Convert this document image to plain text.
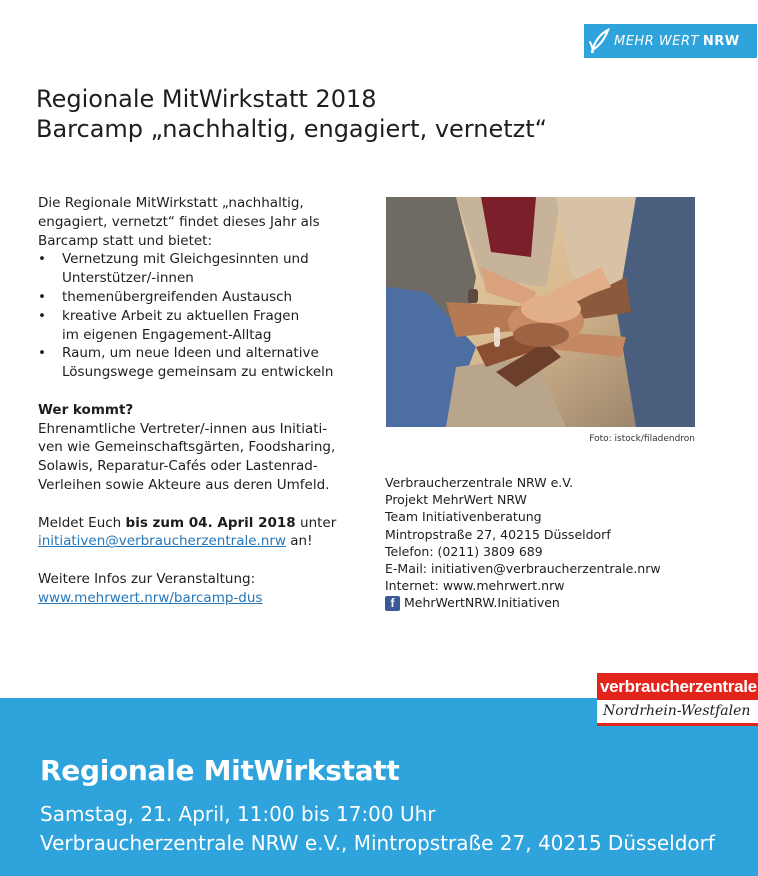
MEHR WERT NRW
Regionale MitWirkstatt 2018
Barcamp „nachhaltig, engagiert, vernetzt“

Die Regionale MitWirkstatt „nachhaltig,

engagiert, vernetzt“ findet dieses Jahr als

Barcamp statt und bietet:

• Vernetzung mit Gleichgesinnten und
Unterstützer/-innen
• themenübergreifenden Austausch
• kreative Arbeit zu aktuellen Fragen
im eigenen Engagement-Alltag
• Raum, um neue Ideen und alternative
Lösungswege gemeinsam zu entwickeln

Wer kommt?

Ehrenamtliche Vertreter/-innen aus Initiati-

ven wie Gemeinschaftsgärten, Foodsharing,

Solawis, Reparatur-Cafés oder Lastenrad-

Verleihen sowie Akteure aus deren Umfeld.

Meldet Euch bis zum 04. April 2018 unter

initiativen@verbraucherzentrale.nrw an!

Weitere Infos zur Veranstaltung:

www.mehrwert.nrw/barcamp-dus

Foto: istock/filadendron
Verbraucherzentrale NRW e.V.
Projekt MehrWert NRW
Team Initiativenberatung
Mintropstraße 27, 40215 Düsseldorf
Telefon: (0211) 3809 689
E-Mail: initiativen@verbraucherzentrale.nrw
Internet: www.mehrwert.nrw
f MehrWertNRW.Initiativen
Regionale MitWirkstatt
Samstag, 21. April, 11:00 bis 17:00 Uhr
Verbraucherzentrale NRW e.V., Mintropstraße 27, 40215 Düsseldorf
verbraucherzentrale
Nordrhein-Westfalen
